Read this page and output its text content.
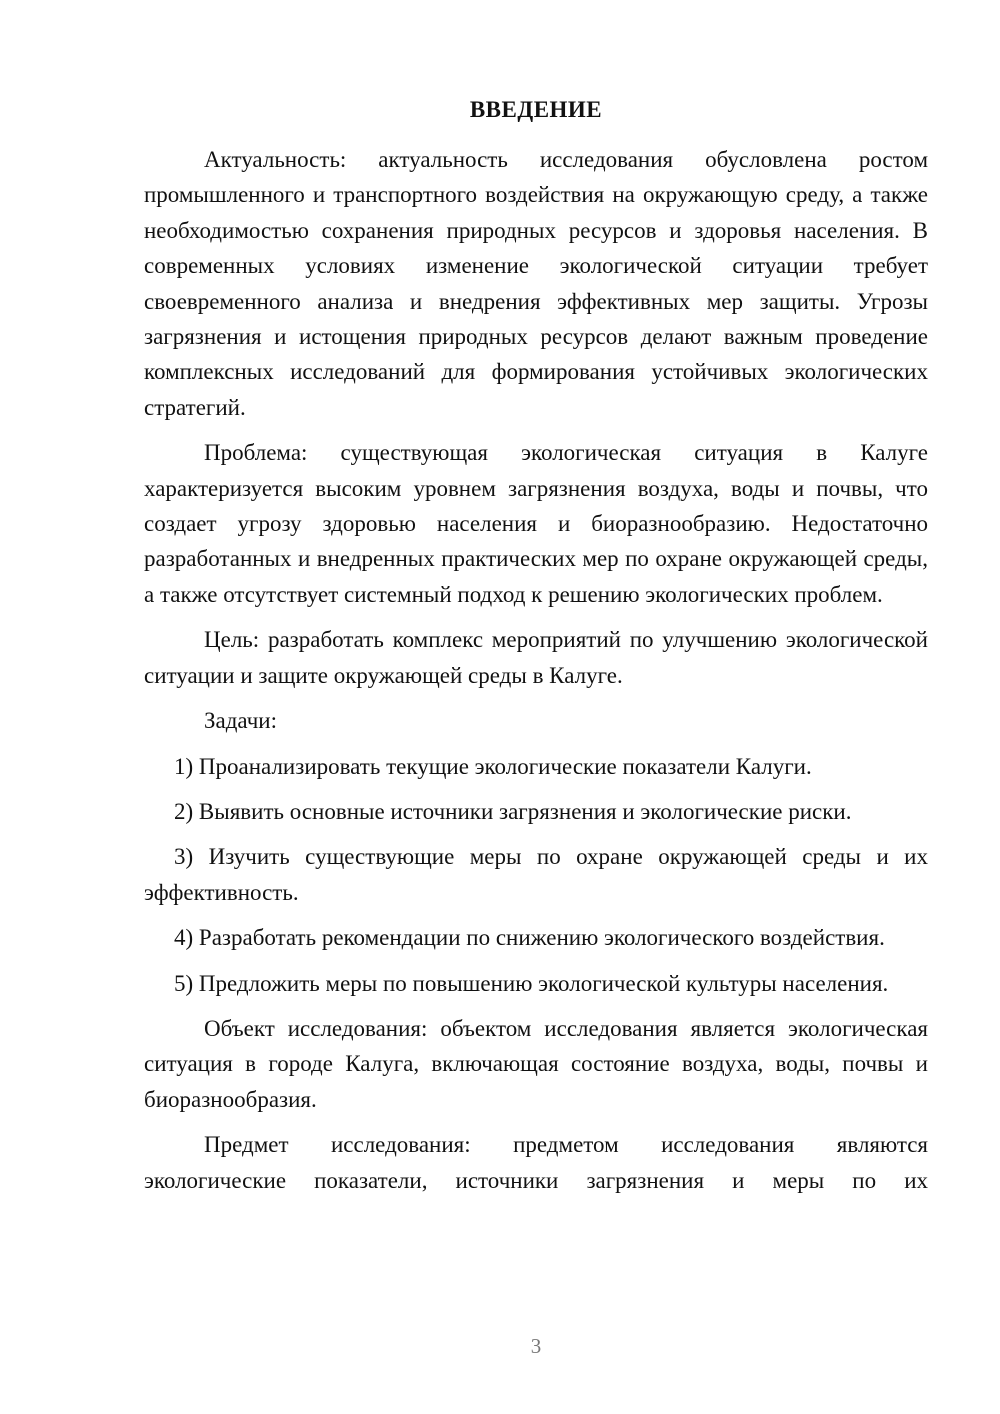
ВВЕДЕНИЕ

Актуальность: актуальность исследования обусловлена ростом промышленного и транспортного воздействия на окружающую среду, а также необходимостью сохранения природных ресурсов и здоровья населения. В современных условиях изменение экологической ситуации требует своевременного анализа и внедрения эффективных мер защиты. Угрозы загрязнения и истощения природных ресурсов делают важным проведение комплексных исследований для формирования устойчивых экологических стратегий.

Проблема: существующая экологическая ситуация в Калуге характеризуется высоким уровнем загрязнения воздуха, воды и почвы, что создает угрозу здоровью населения и биоразнообразию. Недостаточно разработанных и внедренных практических мер по охране окружающей среды, а также отсутствует системный подход к решению экологических проблем.

Цель: разработать комплекс мероприятий по улучшению экологической ситуации и защите окружающей среды в Калуге.

Задачи:

1) Проанализировать текущие экологические показатели Калуги.

2) Выявить основные источники загрязнения и экологические риски.

3) Изучить существующие меры по охране окружающей среды и их эффективность.

4) Разработать рекомендации по снижению экологического воздействия.

5) Предложить меры по повышению экологической культуры населения.

Объект исследования: объектом исследования является экологическая ситуация в городе Калуга, включающая состояние воздуха, воды, почвы и биоразнообразия.

Предмет исследования: предметом исследования являются экологические показатели, источники загрязнения и меры по их

3
